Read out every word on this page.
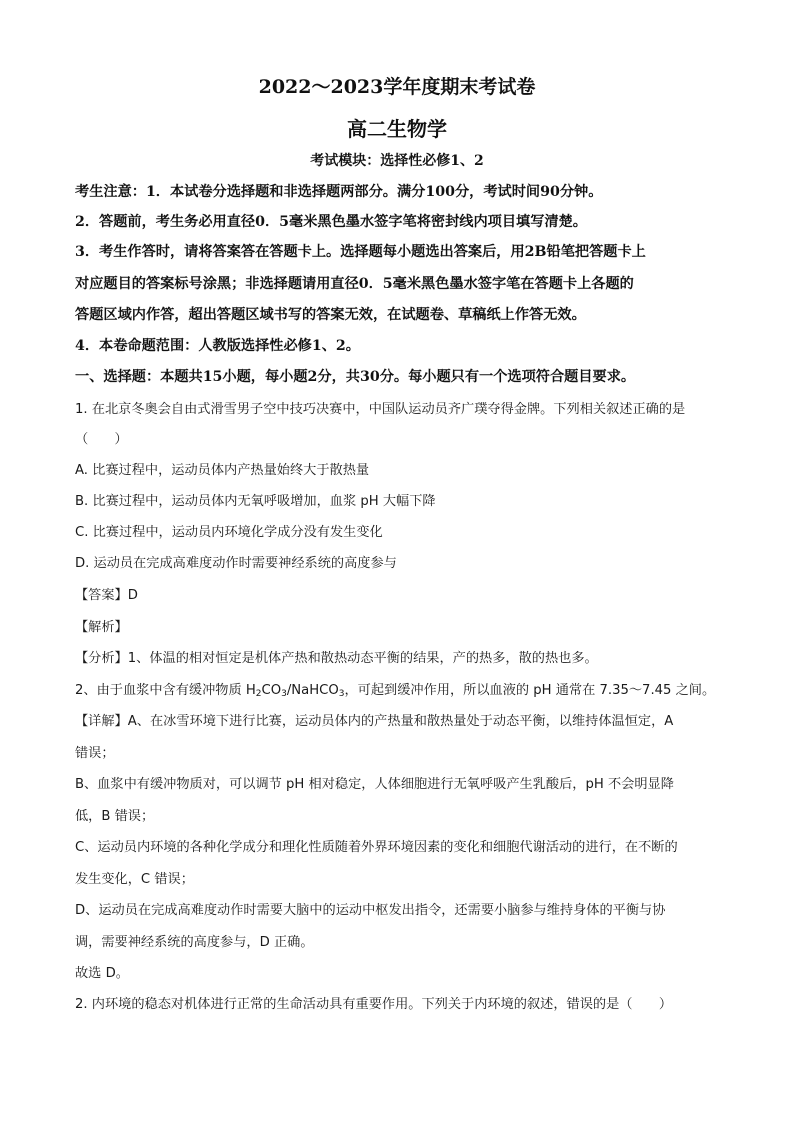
2022～2023学年度期末考试卷
高二生物学
考试模块：选择性必修1、2
考生注意：1．本试卷分选择题和非选择题两部分。满分100分，考试时间90分钟。
2．答题前，考生务必用直径0．5毫米黑色墨水签字笔将密封线内项目填写清楚。
3．考生作答时，请将答案答在答题卡上。选择题每小题选出答案后，用2B铅笔把答题卡上
对应题目的答案标号涂黑；非选择题请用直径0．5毫米黑色墨水签字笔在答题卡上各题的
答题区域内作答，超出答题区域书写的答案无效，在试题卷、草稿纸上作答无效。
4．本卷命题范围：人教版选择性必修1、2。
一、选择题：本题共15小题，每小题2分，共30分。每小题只有一个选项符合题目要求。
1. 在北京冬奥会自由式滑雪男子空中技巧决赛中，中国队运动员齐广璞夺得金牌。下列相关叙述正确的是
（　　）
A. 比赛过程中，运动员体内产热量始终大于散热量
B. 比赛过程中，运动员体内无氧呼吸增加，血浆 pH 大幅下降
C. 比赛过程中，运动员内环境化学成分没有发生变化
D. 运动员在完成高难度动作时需要神经系统的高度参与
【答案】D
【解析】
【分析】1、体温的相对恒定是机体产热和散热动态平衡的结果，产的热多，散的热也多。
2、由于血浆中含有缓冲物质 $H_2CO_3/NaHCO_3$，可起到缓冲作用，所以血液的 pH 通常在 7.35～7.45 之间。
【详解】A、在冰雪环境下进行比赛，运动员体内的产热量和散热量处于动态平衡，以维持体温恒定，A
错误；
B、血浆中有缓冲物质对，可以调节 pH 相对稳定，人体细胞进行无氧呼吸产生乳酸后，pH 不会明显降
低，B 错误；
C、运动员内环境的各种化学成分和理化性质随着外界环境因素的变化和细胞代谢活动的进行，在不断的
发生变化，C 错误；
D、运动员在完成高难度动作时需要大脑中的运动中枢发出指令，还需要小脑参与维持身体的平衡与协
调，需要神经系统的高度参与，D 正确。
故选 D。
2. 内环境的稳态对机体进行正常的生命活动具有重要作用。下列关于内环境的叙述，错误的是（　　）
